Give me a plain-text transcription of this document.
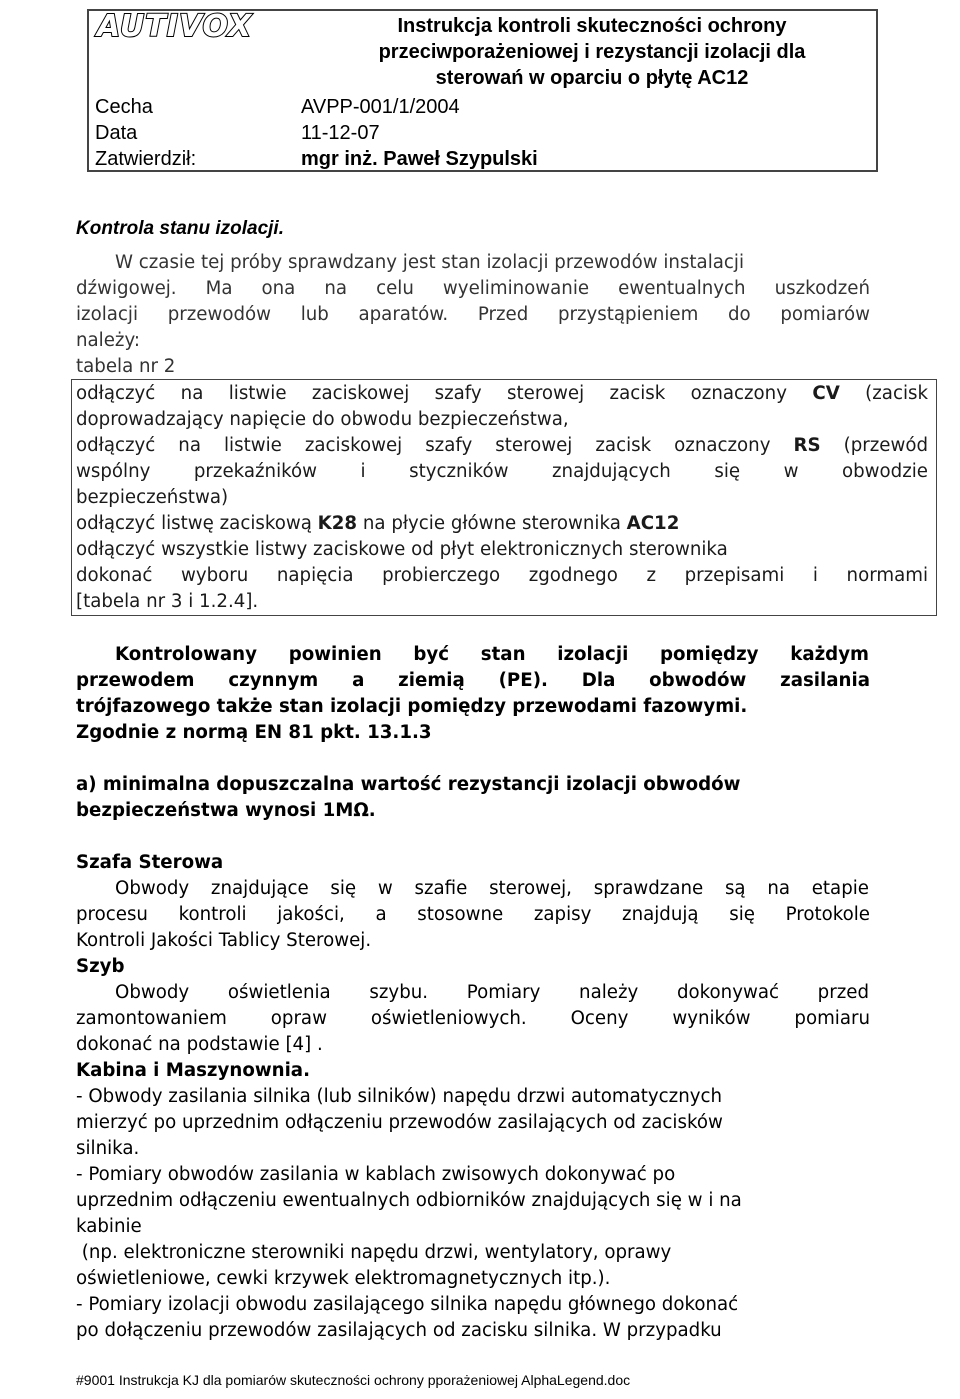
AUTIVOX	Instrukcja kontroli skuteczności ochrony
przeciwporażeniowej i rezystancji izolacji dla
sterowań w oparciu o płytę AC12
Cecha	AVPP-001/1/2004
Data	11-12-07
Zatwierdził:	mgr inż. Paweł Szypulski
Kontrola stanu izolacji.

W czasie tej próby sprawdzany jest stan izolacji przewodów instalacji

dźwigowej. Ma ona na celu wyeliminowanie ewentualnych uszkodzeń

izolacji przewodów lub aparatów. Przed przystąpieniem do pomiarów

należy:

tabela nr 2

odłączyć na listwie zaciskowej szafy sterowej zacisk oznaczony CV (zacisk

doprowadzający napięcie do obwodu bezpieczeństwa,

odłączyć na listwie zaciskowej szafy sterowej zacisk oznaczony RS (przewód

wspólny przekaźników i styczników znajdujących się w obwodzie

bezpieczeństwa)

odłączyć listwę zaciskową K28 na płycie główne sterownika AC12

odłączyć wszystkie listwy zaciskowe od płyt elektronicznych sterownika

dokonać wyboru napięcia probierczego zgodnego z przepisami i normami

[tabela nr 3 i 1.2.4].

Kontrolowany powinien być stan izolacji pomiędzy każdym

przewodem czynnym a ziemią (PE). Dla obwodów zasilania

trójfazowego także stan izolacji pomiędzy przewodami fazowymi.

Zgodnie z normą EN 81 pkt. 13.1.3

a) minimalna dopuszczalna wartość rezystancji izolacji obwodów

bezpieczeństwa wynosi 1MΩ.

Szafa Sterowa

Obwody znajdujące się w szafie sterowej, sprawdzane są na etapie

procesu kontroli jakości, a stosowne zapisy znajdują się Protokole

Kontroli Jakości Tablicy Sterowej.

Szyb

Obwody oświetlenia szybu. Pomiary należy dokonywać przed

zamontowaniem opraw oświetleniowych. Oceny wyników pomiaru

dokonać na podstawie [4] .

Kabina i Maszynownia.

- Obwody zasilania silnika (lub silników) napędu drzwi automatycznych

mierzyć po uprzednim odłączeniu przewodów zasilających od zacisków

silnika.

- Pomiary obwodów zasilania w kablach zwisowych dokonywać po

uprzednim odłączeniu ewentualnych odbiorników znajdujących się w i na

kabinie

(np. elektroniczne sterowniki napędu drzwi, wentylatory, oprawy

oświetleniowe, cewki krzywek elektromagnetycznych itp.).

- Pomiary izolacji obwodu zasilającego silnika napędu głównego dokonać

po dołączeniu przewodów zasilających od zacisku silnika. W przypadku

#9001 Instrukcja KJ dla pomiarów skuteczności ochrony pporażeniowej AlphaLegend.doc
